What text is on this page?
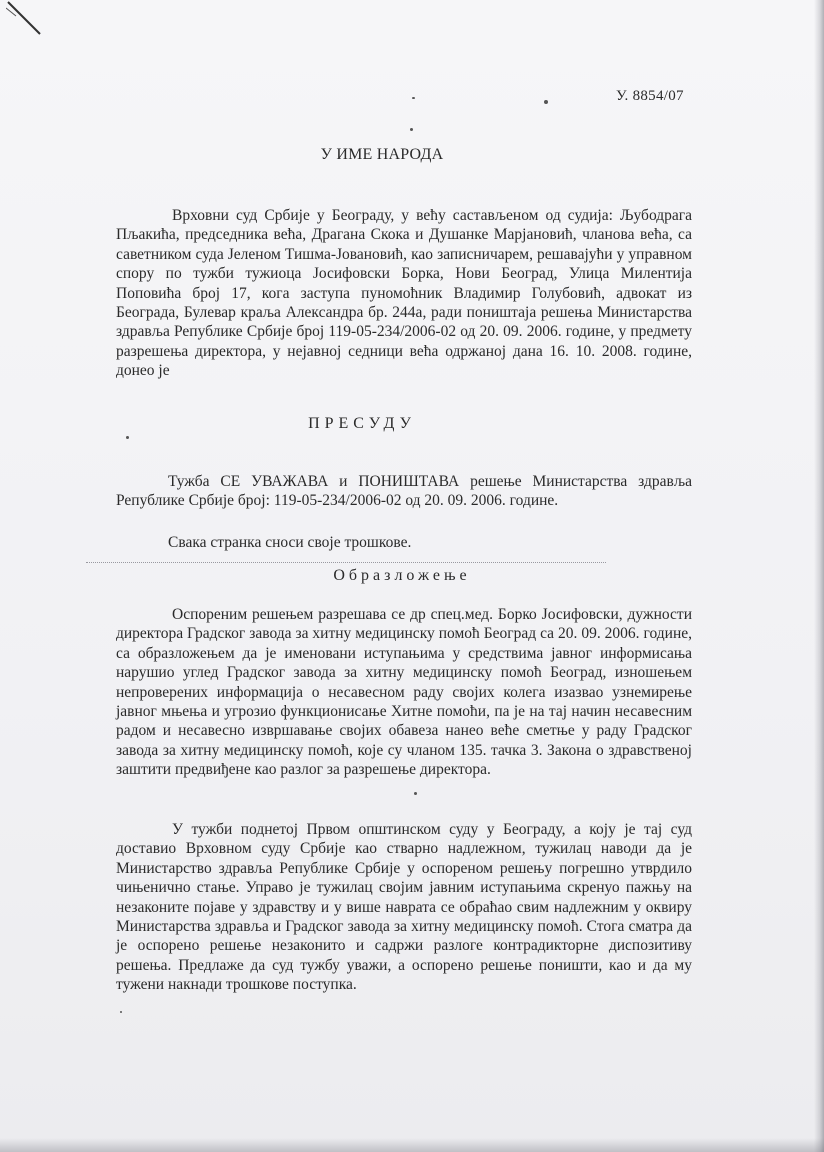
У. 8854/07
У ИМЕ НАРОДА

Врховни суд Србије у Београду, у већу састављеном од судија: Љубодрага Пљакића, председника већа, Драгана Скока и Душанке Марјановић, чланова већа, са саветником суда Јеленом Тишма-Јовановић, као записничарем, решавајући у управном спору по тужби тужиоца Јосифовски Борка, Нови Београд, Улица Милентија Поповића број 17, кога заступа пуномоћник Владимир Голубовић, адвокат из Београда, Булевар краља Александра бр. 244а, ради поништаја решења Министарства здравља Републике Србије број 119-05-234/2006-02 од 20. 09. 2006. године, у предмету разрешења директора, у нејавној седници већа одржаној дана 16. 10. 2008. године, донео је

ПРЕСУДУ

Тужба СЕ УВАЖАВА и ПОНИШТАВА решење Министарства здравља Републике Србије број: 119-05-234/2006-02 од 20. 09. 2006. године.

Свака странка сноси своје трошкове.

Образложење

Оспореним решењем разрешава се др спец.мед. Борко Јосифовски, дужности директора Градског завода за хитну медицинску помоћ Београд са 20. 09. 2006. године, са образложењем да је именовани иступањима у средствима јавног информисања нарушио углед Градског завода за хитну медицинску помоћ Београд, изношењем непроверених информација о несавесном раду својих колега изазвао узнемирење јавног мњења и угрозио функционисање Хитне помоћи, па је на тај начин несавесним радом и несавесно извршавање својих обавеза нанео веће сметње у раду Градског завода за хитну медицинску помоћ, које су чланом 135. тачка 3. Закона о здравственој заштити предвиђене као разлог за разрешење директора.

У тужби поднетој Првом општинском суду у Београду, а коју је тај суд доставио Врховном суду Србије као стварно надлежном, тужилац наводи да је Министарство здравља Републике Србије у оспореном решењу погрешно утврдило чињенично стање. Управо је тужилац својим јавним иступањима скренуо пажњу на незаконите појаве у здравству и у више наврата се обраћао свим надлежним у оквиру Министарства здравља и Градског завода за хитну медицинску помоћ. Стога сматра да је оспорено решење незаконито и садржи разлоге контрадикторне диспозитиву решења. Предлаже да суд тужбу уважи, а оспорено решење поништи, као и да му тужени накнади трошкове поступка.
